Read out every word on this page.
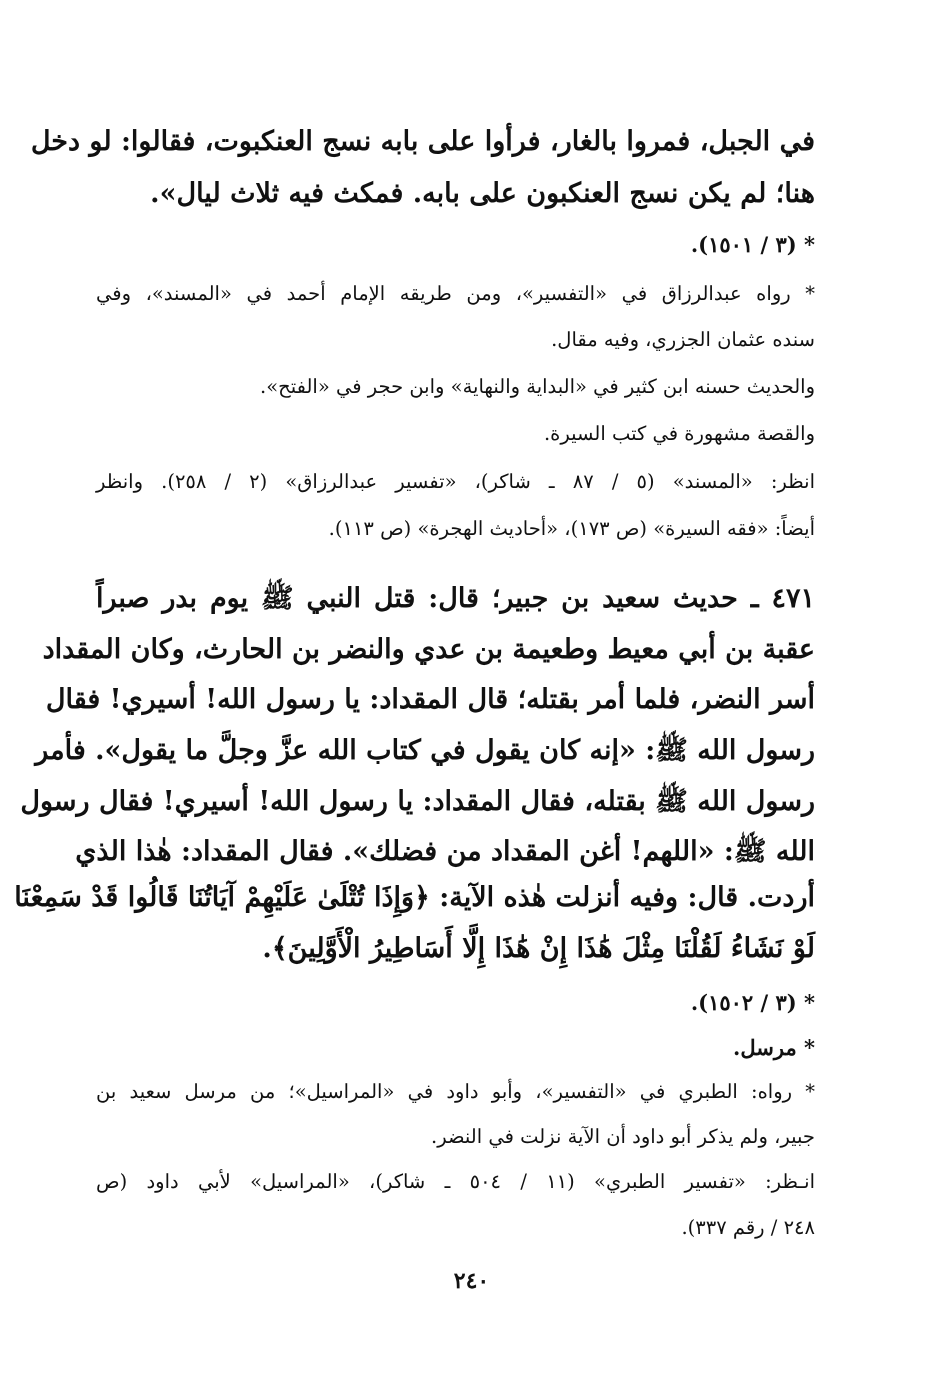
في الجبل، فمروا بالغار، فرأوا على بابه نسج العنكبوت، فقالوا: لو دخل
هنا؛ لم يكن نسج العنكبون على بابه. فمكث فيه ثلاث ليال».
* (٣ / ١٥٠١).
* رواه عبدالرزاق في «التفسير»، ومن طريقه الإمام أحمد في «المسند»، وفي
سنده عثمان الجزري، وفيه مقال.
والحديث حسنه ابن كثير في «البداية والنهاية» وابن حجر في «الفتح».
والقصة مشهورة في كتب السيرة.
انظر: «المسند» (٥ / ٨٧ ـ شاكر)، «تفسير عبدالرزاق» (٢ / ٢٥٨). وانظر
أيضاً: «فقه السيرة» (ص ١٧٣)، «أحاديث الهجرة» (ص ١١٣).
٤٧١ ـ حديث سعيد بن جبير؛ قال: قتل النبي ﷺ يوم بدر صبراً
عقبة بن أبي معيط وطعيمة بن عدي والنضر بن الحارث، وكان المقداد
أسر النضر، فلما أمر بقتله؛ قال المقداد: يا رسول الله! أسيري! فقال
رسول الله ﷺ: «إنه كان يقول في كتاب الله عزَّ وجلَّ ما يقول». فأمر
رسول الله ﷺ بقتله، فقال المقداد: يا رسول الله! أسيري! فقال رسول
الله ﷺ: «اللهم! أغن المقداد من فضلك». فقال المقداد: هٰذا الذي
أردت. قال: وفيه أنزلت هٰذه الآية: ﴿وَإِذَا تُتْلَىٰ عَلَيْهِمْ آيَاتُنَا قَالُوا قَدْ سَمِعْنَا
لَوْ نَشَاءُ لَقُلْنَا مِثْلَ هَٰذَا إِنْ هَٰذَا إِلَّا أَسَاطِيرُ الْأَوَّلِينَ﴾.
* (٣ / ١٥٠٢).
* مرسل.
* رواه: الطبري في «التفسير»، وأبو داود في «المراسيل»؛ من مرسل سعيد بن
جبير، ولم يذكر أبو داود أن الآية نزلت في النضر.
انـظر: «تفسير الطبري» (١١ / ٥٠٤ ـ شاكر)، «المراسيل» لأبي داود (ص
٢٤٨ / رقم ٣٣٧).
٢٤٠
